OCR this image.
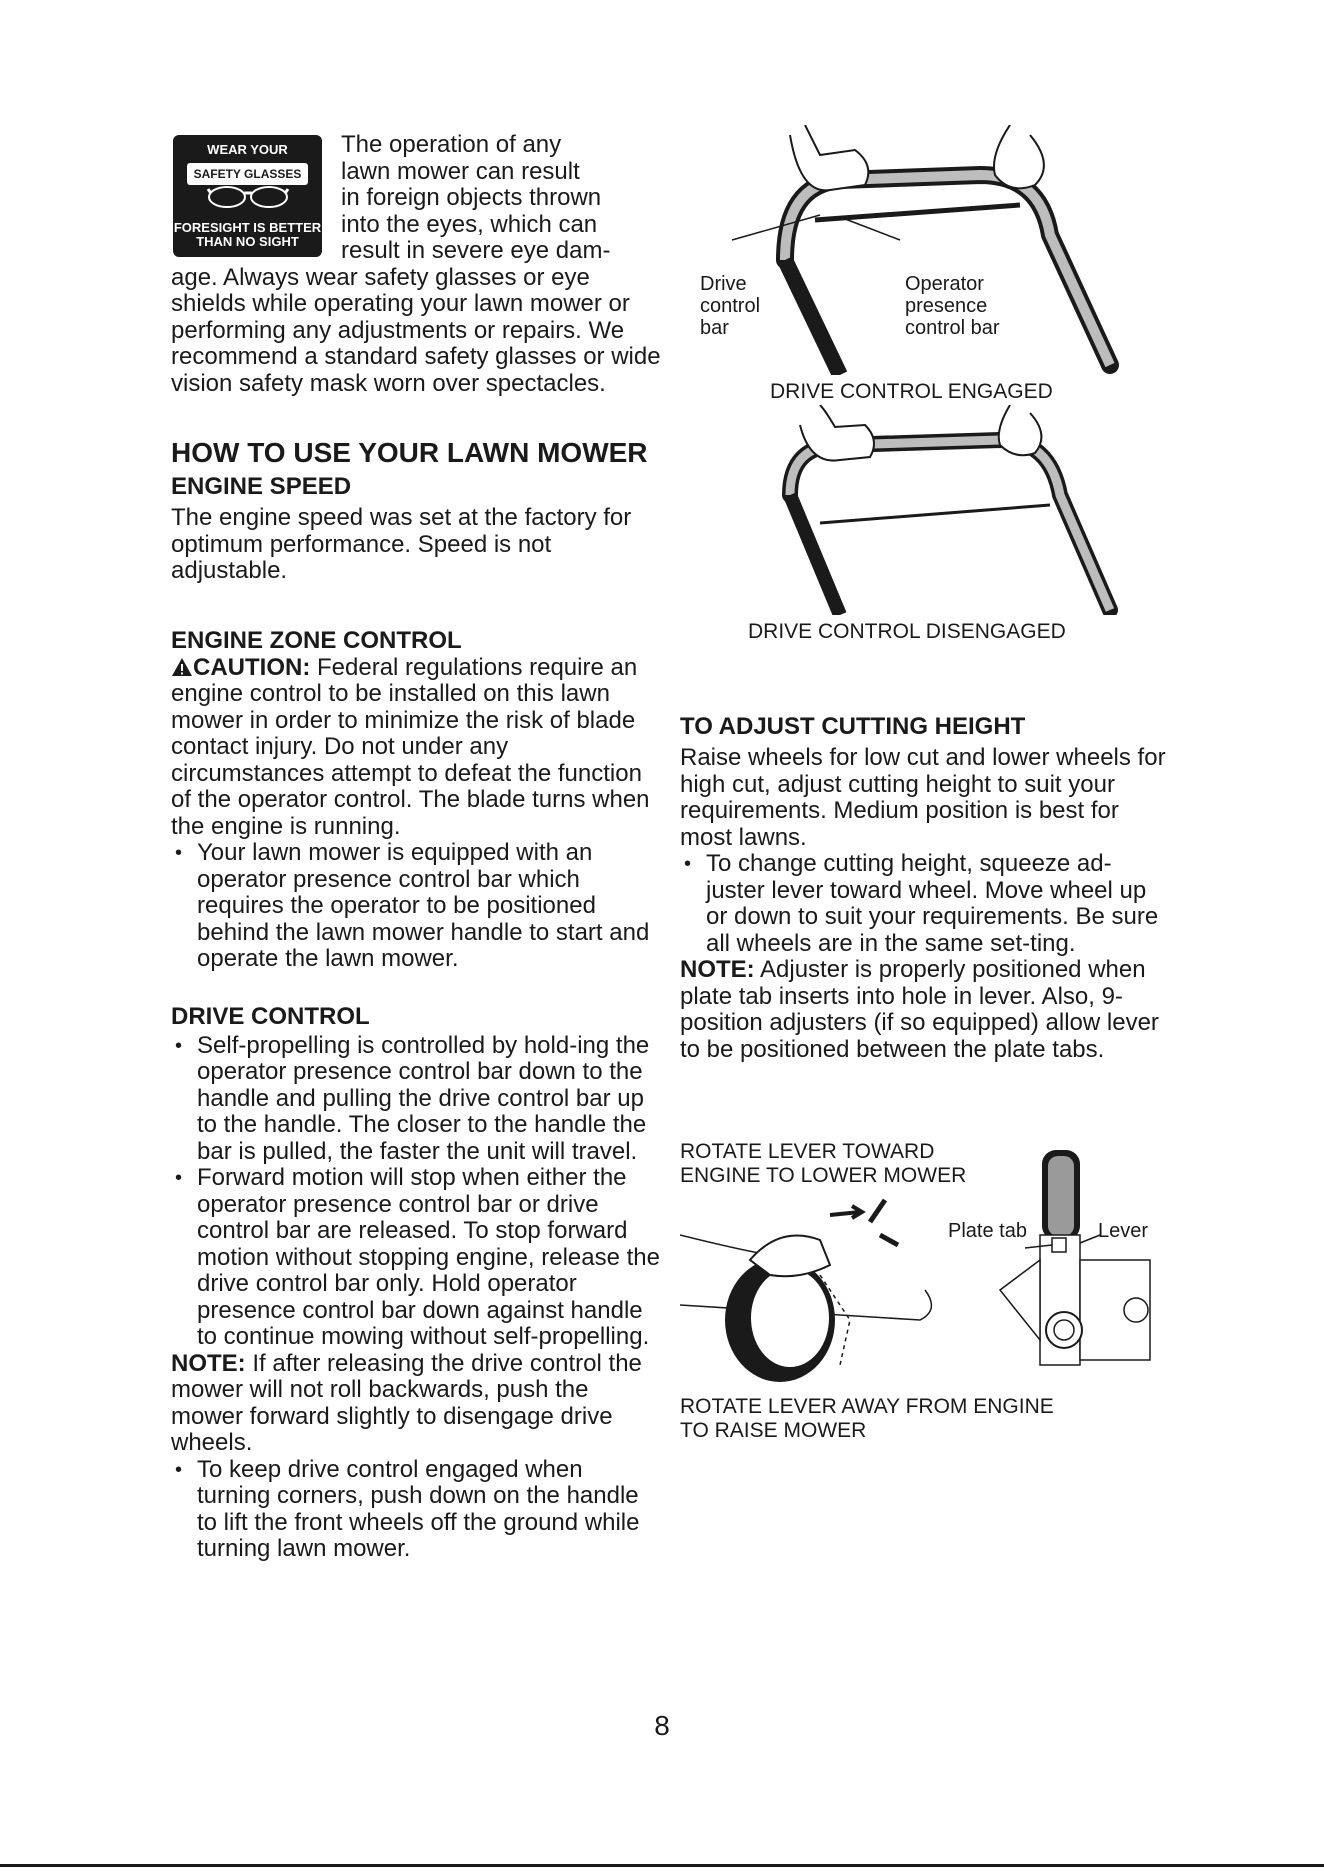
WEAR YOUR
SAFETY GLASSES
FORESIGHT IS BETTER
THAN NO SIGHT

The operation of any

lawn mower can result

in foreign objects thrown

into the eyes, which can

result in severe eye dam-

age. Always wear safety glasses or eye shields while operating your lawn mower or performing any adjustments or repairs. We recommend a standard safety glasses or wide vision safety mask worn over spectacles.

HOW TO USE YOUR LAWN MOWER
ENGINE SPEED

The engine speed was set at the factory for optimum performance. Speed is not adjustable.

ENGINE ZONE CONTROL

CAUTION: Federal regulations require an engine control to be installed on this lawn mower in order to minimize the risk of blade contact injury. Do not under any circumstances attempt to defeat the function of the operator control. The blade turns when the engine is running.

• Your lawn mower is equipped with an operator presence control bar which requires the operator to be positioned behind the lawn mower handle to start and operate the lawn mower.
DRIVE CONTROL
• Self-propelling is controlled by hold-ing the operator presence control bar down to the handle and pulling the drive control bar up to the handle. The closer to the handle the bar is pulled, the faster the unit will travel.
• Forward motion will stop when either the operator presence control bar or drive control bar are released. To stop forward motion without stopping engine, release the drive control bar only. Hold operator presence control bar down against handle to continue mowing without self-propelling.

NOTE: If after releasing the drive control the mower will not roll backwards, push the mower forward slightly to disengage drive wheels.

• To keep drive control engaged when turning corners, push down on the handle to lift the front wheels off the ground while turning lawn mower.
Drive
control
bar
Operator
presence
control bar
DRIVE CONTROL ENGAGED
DRIVE CONTROL DISENGAGED
TO ADJUST CUTTING HEIGHT

Raise wheels for low cut and lower wheels for high cut, adjust cutting height to suit your requirements. Medium position is best for most lawns.

• To change cutting height, squeeze ad-juster lever toward wheel. Move wheel up or down to suit your requirements. Be sure all wheels are in the same set-ting.

NOTE: Adjuster is properly positioned when plate tab inserts into hole in lever. Also, 9-position adjusters (if so equipped) allow lever to be positioned between the plate tabs.

ROTATE LEVER TOWARD
ENGINE TO LOWER MOWER
Plate tab	Lever
ROTATE LEVER AWAY FROM ENGINE
TO RAISE MOWER
8
